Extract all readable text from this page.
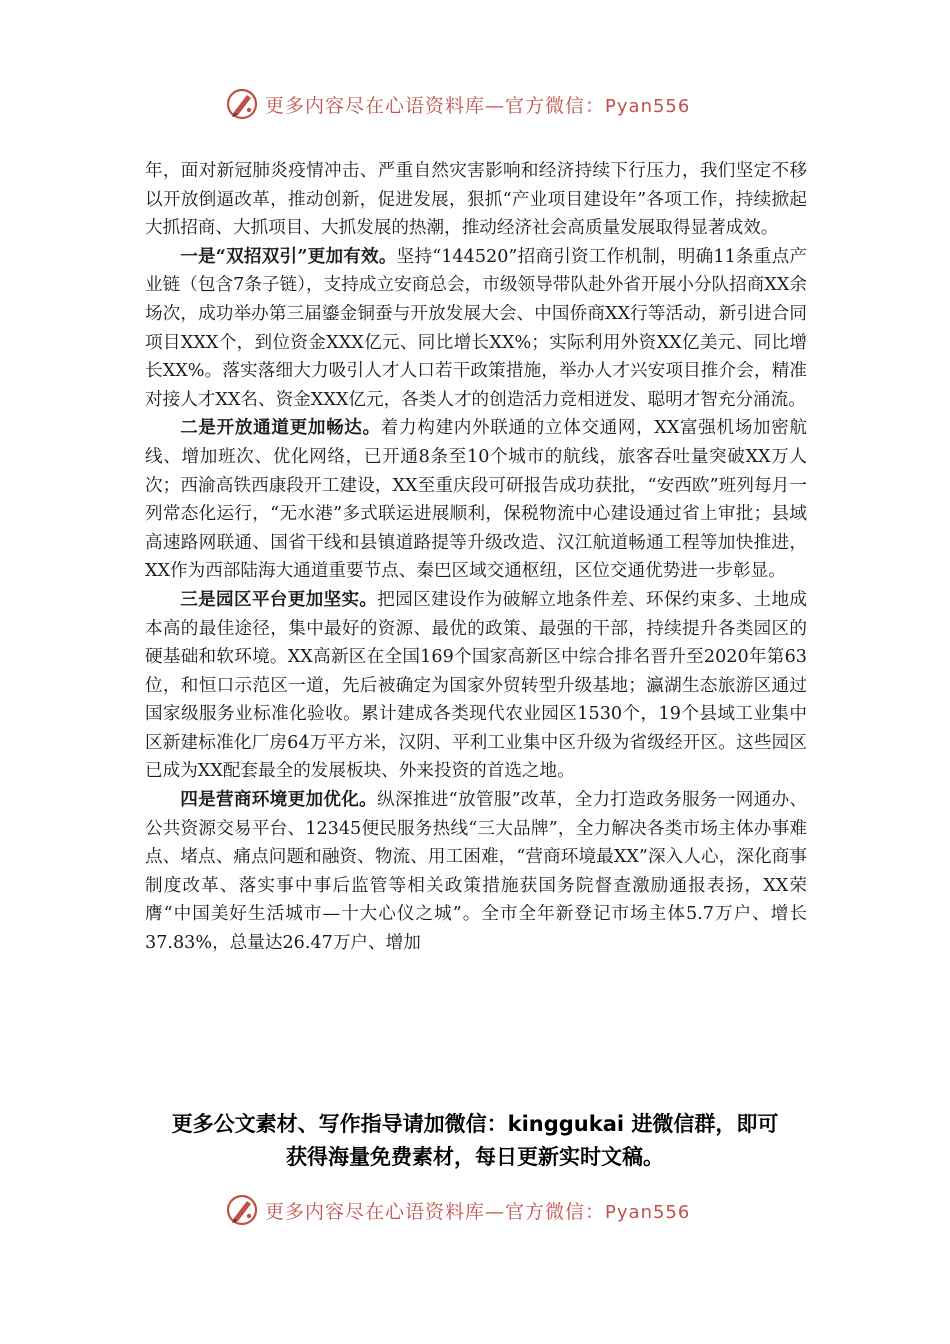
更多内容尽在心语资料库—官方微信：Pyan556

年，面对新冠肺炎疫情冲击、严重自然灾害影响和经济持续下行压力，我们坚定不移以开放倒逼改革，推动创新，促进发展，狠抓“产业项目建设年”各项工作，持续掀起大抓招商、大抓项目、大抓发展的热潮，推动经济社会高质量发展取得显著成效。

一是“双招双引”更加有效。坚持“144520”招商引资工作机制，明确11条重点产业链（包含7条子链），支持成立安商总会，市级领导带队赴外省开展小分队招商XX余场次，成功举办第三届鎏金铜蚕与开放发展大会、中国侨商XX行等活动，新引进合同项目XXX个，到位资金XXX亿元、同比增长XX%；实际利用外资XX亿美元、同比增长XX%。落实落细大力吸引人才人口若干政策措施，举办人才兴安项目推介会，精准对接人才XX名、资金XXX亿元，各类人才的创造活力竞相迸发、聪明才智充分涌流。

二是开放通道更加畅达。着力构建内外联通的立体交通网，XX富强机场加密航线、增加班次、优化网络，已开通8条至10个城市的航线，旅客吞吐量突破XX万人次；西渝高铁西康段开工建设，XX至重庆段可研报告成功获批，“安西欧”班列每月一列常态化运行，“无水港”多式联运进展顺利，保税物流中心建设通过省上审批；县域高速路网联通、国省干线和县镇道路提等升级改造、汉江航道畅通工程等加快推进，XX作为西部陆海大通道重要节点、秦巴区域交通枢纽，区位交通优势进一步彰显。

三是园区平台更加坚实。把园区建设作为破解立地条件差、环保约束多、土地成本高的最佳途径，集中最好的资源、最优的政策、最强的干部，持续提升各类园区的硬基础和软环境。XX高新区在全国169个国家高新区中综合排名晋升至2020年第63位，和恒口示范区一道，先后被确定为国家外贸转型升级基地；瀛湖生态旅游区通过国家级服务业标准化验收。累计建成各类现代农业园区1530个，19个县域工业集中区新建标准化厂房64万平方米，汉阴、平利工业集中区升级为省级经开区。这些园区已成为XX配套最全的发展板块、外来投资的首选之地。

四是营商环境更加优化。纵深推进“放管服”改革，全力打造政务服务一网通办、公共资源交易平台、12345便民服务热线“三大品牌”，全力解决各类市场主体办事难点、堵点、痛点问题和融资、物流、用工困难，“营商环境最XX”深入人心，深化商事制度改革、落实事中事后监管等相关政策措施获国务院督查激励通报表扬，XX荣膺“中国美好生活城市—十大心仪之城”。全市全年新登记市场主体5.7万户、增长37.83%，总量达26.47万户、增加

更多公文素材、写作指导请加微信：kinggukai 进微信群，即可
获得海量免费素材，每日更新实时文稿。
更多内容尽在心语资料库—官方微信：Pyan556
